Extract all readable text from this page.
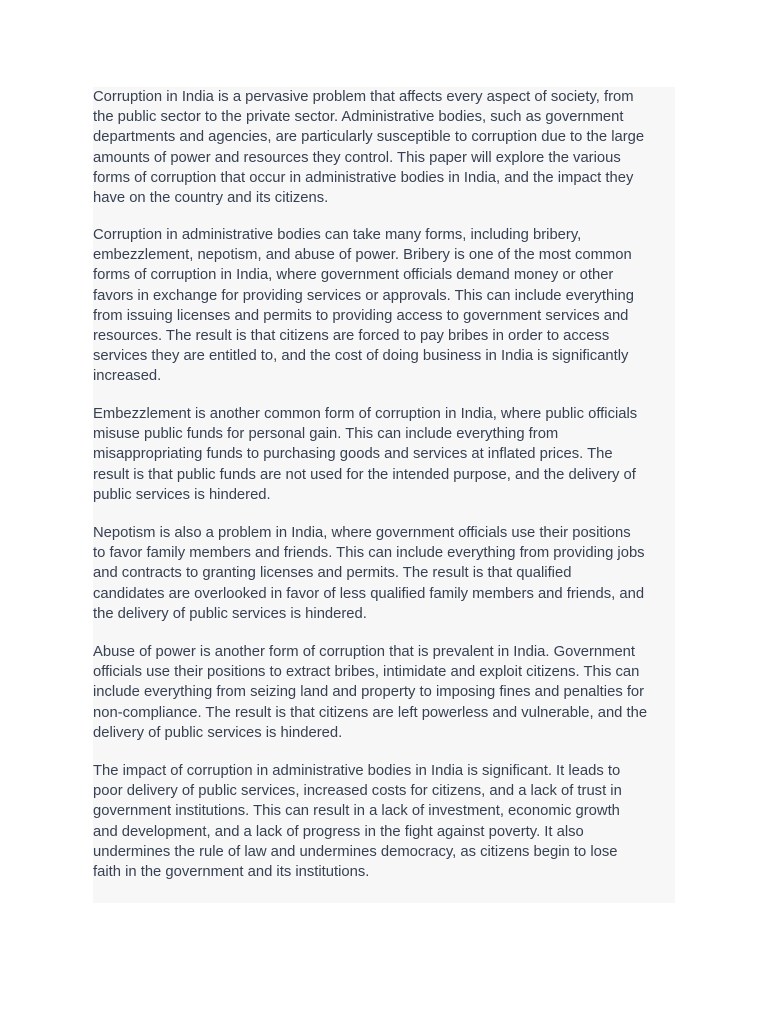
Corruption in India is a pervasive problem that affects every aspect of society, from
the public sector to the private sector. Administrative bodies, such as government
departments and agencies, are particularly susceptible to corruption due to the large
amounts of power and resources they control. This paper will explore the various
forms of corruption that occur in administrative bodies in India, and the impact they
have on the country and its citizens.

Corruption in administrative bodies can take many forms, including bribery,
embezzlement, nepotism, and abuse of power. Bribery is one of the most common
forms of corruption in India, where government officials demand money or other
favors in exchange for providing services or approvals. This can include everything
from issuing licenses and permits to providing access to government services and
resources. The result is that citizens are forced to pay bribes in order to access
services they are entitled to, and the cost of doing business in India is significantly
increased.

Embezzlement is another common form of corruption in India, where public officials
misuse public funds for personal gain. This can include everything from
misappropriating funds to purchasing goods and services at inflated prices. The
result is that public funds are not used for the intended purpose, and the delivery of
public services is hindered.

Nepotism is also a problem in India, where government officials use their positions
to favor family members and friends. This can include everything from providing jobs
and contracts to granting licenses and permits. The result is that qualified
candidates are overlooked in favor of less qualified family members and friends, and
the delivery of public services is hindered.

Abuse of power is another form of corruption that is prevalent in India. Government
officials use their positions to extract bribes, intimidate and exploit citizens. This can
include everything from seizing land and property to imposing fines and penalties for
non-compliance. The result is that citizens are left powerless and vulnerable, and the
delivery of public services is hindered.

The impact of corruption in administrative bodies in India is significant. It leads to
poor delivery of public services, increased costs for citizens, and a lack of trust in
government institutions. This can result in a lack of investment, economic growth
and development, and a lack of progress in the fight against poverty. It also
undermines the rule of law and undermines democracy, as citizens begin to lose
faith in the government and its institutions.
